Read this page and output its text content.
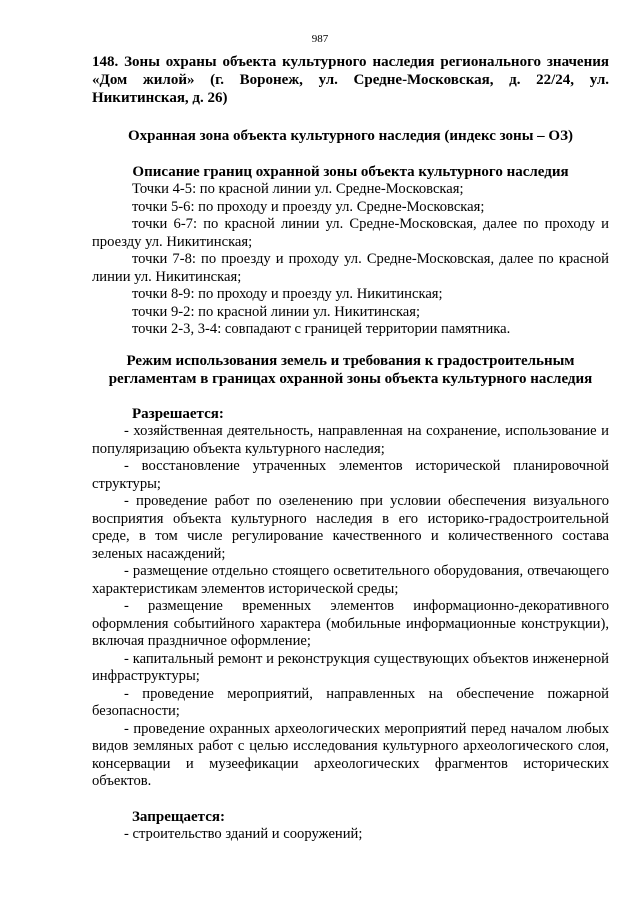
987
148. Зоны охраны объекта культурного наследия регионального значения «Дом жилой» (г. Воронеж, ул. Средне-Московская, д. 22/24, ул. Никитинская, д. 26)
Охранная зона объекта культурного наследия (индекс зоны – ОЗ)
Описание границ охранной зоны объекта культурного наследия

Точки 4-5: по красной линии ул. Средне-Московская;

точки 5-6: по проходу и проезду ул. Средне-Московская;

точки 6-7: по красной линии ул. Средне-Московская, далее по проходу и проезду ул. Никитинская;

точки 7-8: по проезду и проходу ул. Средне-Московская, далее по красной линии ул. Никитинская;

точки 8-9: по проходу и проезду ул. Никитинская;

точки 9-2: по красной линии ул. Никитинская;

точки 2-3, 3-4: совпадают с границей территории памятника.

Режим использования земель и требования к градостроительным регламентам в границах охранной зоны объекта культурного наследия
Разрешается:

- хозяйственная деятельность, направленная на сохранение, использование и популяризацию объекта культурного наследия;

- восстановление утраченных элементов исторической планировочной структуры;

- проведение работ по озеленению при условии обеспечения визуального восприятия объекта культурного наследия в его историко-градостроительной среде, в том числе регулирование качественного и количественного состава зеленых насаждений;

- размещение отдельно стоящего осветительного оборудования, отвечающего характеристикам элементов исторической среды;

- размещение временных элементов информационно-декоративного оформления событийного характера (мобильные информационные конструкции), включая праздничное оформление;

- капитальный ремонт и реконструкция существующих объектов инженерной инфраструктуры;

- проведение мероприятий, направленных на обеспечение пожарной безопасности;

- проведение охранных археологических мероприятий перед началом любых видов земляных работ с целью исследования культурного археологического слоя, консервации и музеефикации археологических фрагментов исторических объектов.

Запрещается:

- строительство зданий и сооружений;
